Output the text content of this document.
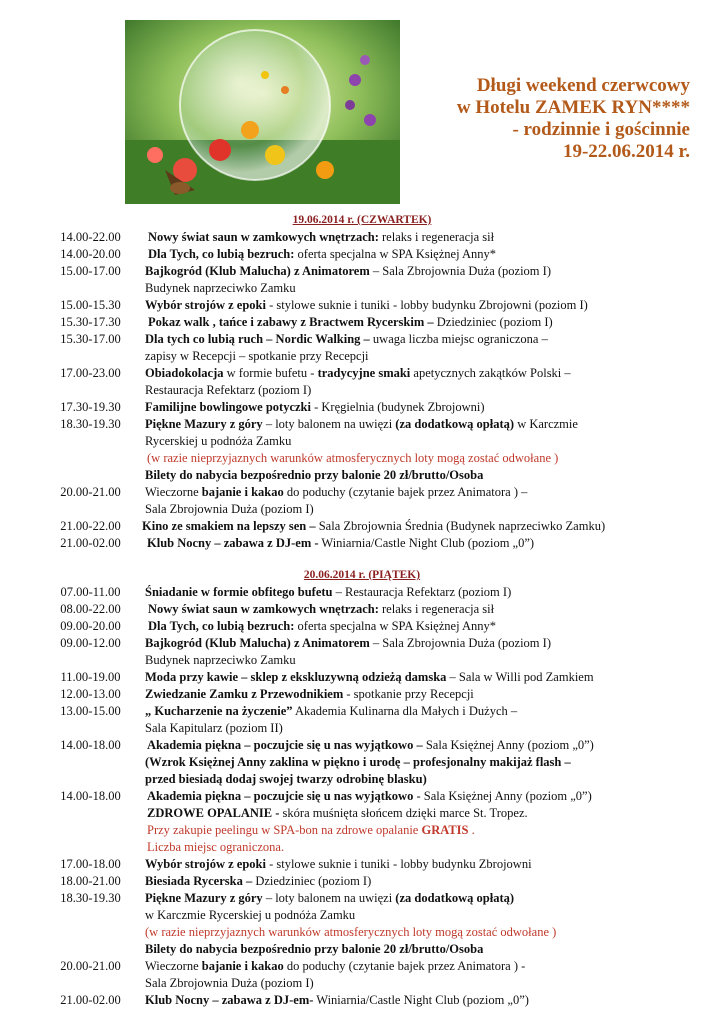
Długi weekend czerwcowy
w Hotelu ZAMEK RYN****
- rodzinnie i gościnnie
19-22.06.2014 r.
19.06.2014 r. (CZWARTEK)
14.00-22.00	Nowy świat saun w zamkowych wnętrzach: relaks i regeneracja sił
14.00-20.00	Dla Tych, co lubią bezruch: oferta specjalna w SPA Księżnej Anny*
15.00-17.00	Bajkogród (Klub Malucha) z Animatorem – Sala Zbrojownia Duża (poziom I)
Budynek naprzeciwko Zamku
15.00-15.30	Wybór strojów z epoki - stylowe suknie i tuniki - lobby budynku Zbrojowni (poziom I)
15.30-17.30	Pokaz walk , tańce i zabawy z Bractwem Rycerskim – Dziedziniec (poziom I)
15.30-17.00	Dla tych co lubią ruch – Nordic Walking – uwaga liczba miejsc ograniczona –
zapisy w Recepcji – spotkanie przy Recepcji
17.00-23.00	Obiadokolacja w formie bufetu - tradycyjne smaki apetycznych zakątków Polski –
Restauracja Refektarz (poziom I)
17.30-19.30	Familijne bowlingowe potyczki - Kręgielnia (budynek Zbrojowni)
18.30-19.30	Piękne Mazury z góry – loty balonem na uwięzi (za dodatkową opłatą) w Karczmie
Rycerskiej u podnóża Zamku
(w razie nieprzyjaznych warunków atmosferycznych loty mogą zostać odwołane )
Bilety do nabycia bezpośrednio przy balonie 20 zł/brutto/Osoba
20.00-21.00	Wieczorne bajanie i kakao do poduchy (czytanie bajek przez Animatora ) –
Sala Zbrojownia Duża (poziom I)
21.00-22.00	Kino ze smakiem na lepszy sen – Sala Zbrojownia Średnia (Budynek naprzeciwko Zamku)
21.00-02.00	Klub Nocny – zabawa z DJ-em - Winiarnia/Castle Night Club (poziom „0”)
20.06.2014 r. (PIĄTEK)
07.00-11.00	Śniadanie w formie obfitego bufetu – Restauracja Refektarz (poziom I)
08.00-22.00	Nowy świat saun w zamkowych wnętrzach: relaks i regeneracja sił
09.00-20.00	Dla Tych, co lubią bezruch: oferta specjalna w SPA Księżnej Anny*
09.00-12.00	Bajkogród (Klub Malucha) z Animatorem – Sala Zbrojownia Duża (poziom I)
Budynek naprzeciwko Zamku
11.00-19.00	Moda przy kawie – sklep z ekskluzywną odzieżą damska – Sala w Willi pod Zamkiem
12.00-13.00	Zwiedzanie Zamku z Przewodnikiem - spotkanie przy Recepcji
13.00-15.00	„ Kucharzenie na życzenie” Akademia Kulinarna dla Małych i Dużych –
Sala Kapitularz (poziom II)
14.00-18.00	Akademia piękna – poczujcie się u nas wyjątkowo – Sala Księżnej Anny (poziom „0”)
(Wzrok Księżnej Anny zaklina w piękno i urodę – profesjonalny makijaż flash –
przed biesiadą dodaj swojej twarzy odrobinę blasku)
14.00-18.00	Akademia piękna – poczujcie się u nas wyjątkowo - Sala Księżnej Anny (poziom „0”)
ZDROWE OPALANIE - skóra muśnięta słońcem dzięki marce St. Tropez.
Przy zakupie peelingu w SPA-bon na zdrowe opalanie GRATIS .
Liczba miejsc ograniczona.
17.00-18.00	Wybór strojów z epoki - stylowe suknie i tuniki - lobby budynku Zbrojowni
18.00-21.00	Biesiada Rycerska – Dziedziniec (poziom I)
18.30-19.30	Piękne Mazury z góry – loty balonem na uwięzi (za dodatkową opłatą)
w Karczmie Rycerskiej u podnóża Zamku
(w razie nieprzyjaznych warunków atmosferycznych loty mogą zostać odwołane )
Bilety do nabycia bezpośrednio przy balonie 20 zł/brutto/Osoba
20.00-21.00	Wieczorne bajanie i kakao do poduchy (czytanie bajek przez Animatora ) -
Sala Zbrojownia Duża (poziom I)
21.00-02.00	Klub Nocny – zabawa z DJ-em- Winiarnia/Castle Night Club (poziom „0”)
